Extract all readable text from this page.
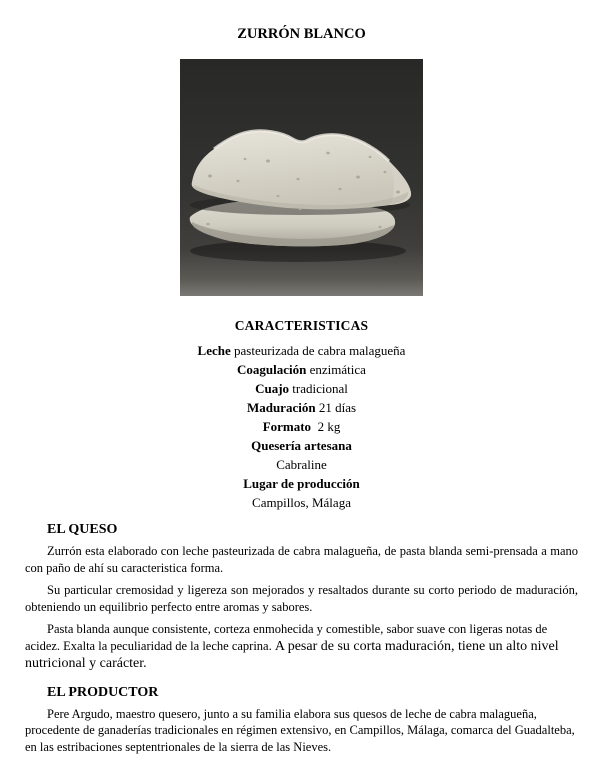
ZURRÓN BLANCO
CARACTERISTICAS
Leche pasteurizada de cabra malagueña
Coagulación enzimática
Cuajo tradicional
Maduración 21 días
Formato  2 kg
Quesería artesana
Cabraline
Lugar de producción
Campillos, Málaga
EL QUESO

Zurrón esta elaborado con leche pasteurizada de cabra malagueña, de pasta blanda semi-prensada a mano con paño de ahí su caracteristica forma.

Su particular cremosidad y ligereza son mejorados y resaltados durante su corto periodo de maduración, obteniendo un equilibrio perfecto entre aromas y sabores.

Pasta blanda aunque consistente, corteza enmohecida y comestible, sabor suave con ligeras notas de acidez. Exalta la peculiaridad de la leche caprina. A pesar de su corta maduración, tiene un alto nivel nutricional y carácter.

EL PRODUCTOR

Pere Argudo, maestro quesero, junto a su familia elabora sus quesos de leche de cabra malagueña, procedente de ganaderías tradicionales en régimen extensivo, en Campillos, Málaga, comarca del Guadalteba, en las estribaciones septentrionales de la sierra de las Nieves.
